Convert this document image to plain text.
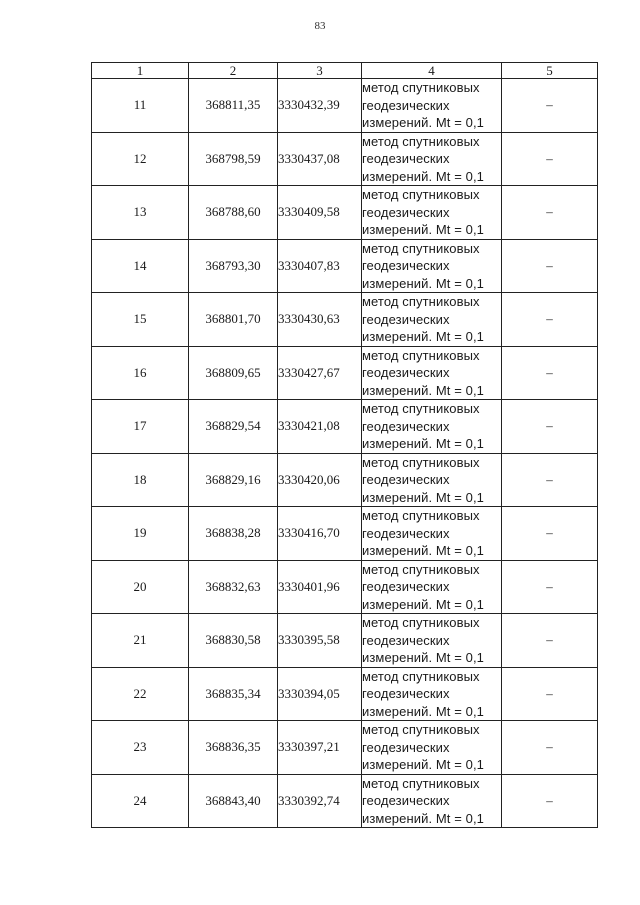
83
1	2	3	4	5
11	368811,35	3330432,39	метод спутниковых
геодезических
измерений. Mt = 0,1	–
12	368798,59	3330437,08	метод спутниковых
геодезических
измерений. Mt = 0,1	–
13	368788,60	3330409,58	метод спутниковых
геодезических
измерений. Mt = 0,1	–
14	368793,30	3330407,83	метод спутниковых
геодезических
измерений. Mt = 0,1	–
15	368801,70	3330430,63	метод спутниковых
геодезических
измерений. Mt = 0,1	–
16	368809,65	3330427,67	метод спутниковых
геодезических
измерений. Mt = 0,1	–
17	368829,54	3330421,08	метод спутниковых
геодезических
измерений. Mt = 0,1	–
18	368829,16	3330420,06	метод спутниковых
геодезических
измерений. Mt = 0,1	–
19	368838,28	3330416,70	метод спутниковых
геодезических
измерений. Mt = 0,1	–
20	368832,63	3330401,96	метод спутниковых
геодезических
измерений. Mt = 0,1	–
21	368830,58	3330395,58	метод спутниковых
геодезических
измерений. Mt = 0,1	–
22	368835,34	3330394,05	метод спутниковых
геодезических
измерений. Mt = 0,1	–
23	368836,35	3330397,21	метод спутниковых
геодезических
измерений. Mt = 0,1	–
24	368843,40	3330392,74	метод спутниковых
геодезических
измерений. Mt = 0,1	–
